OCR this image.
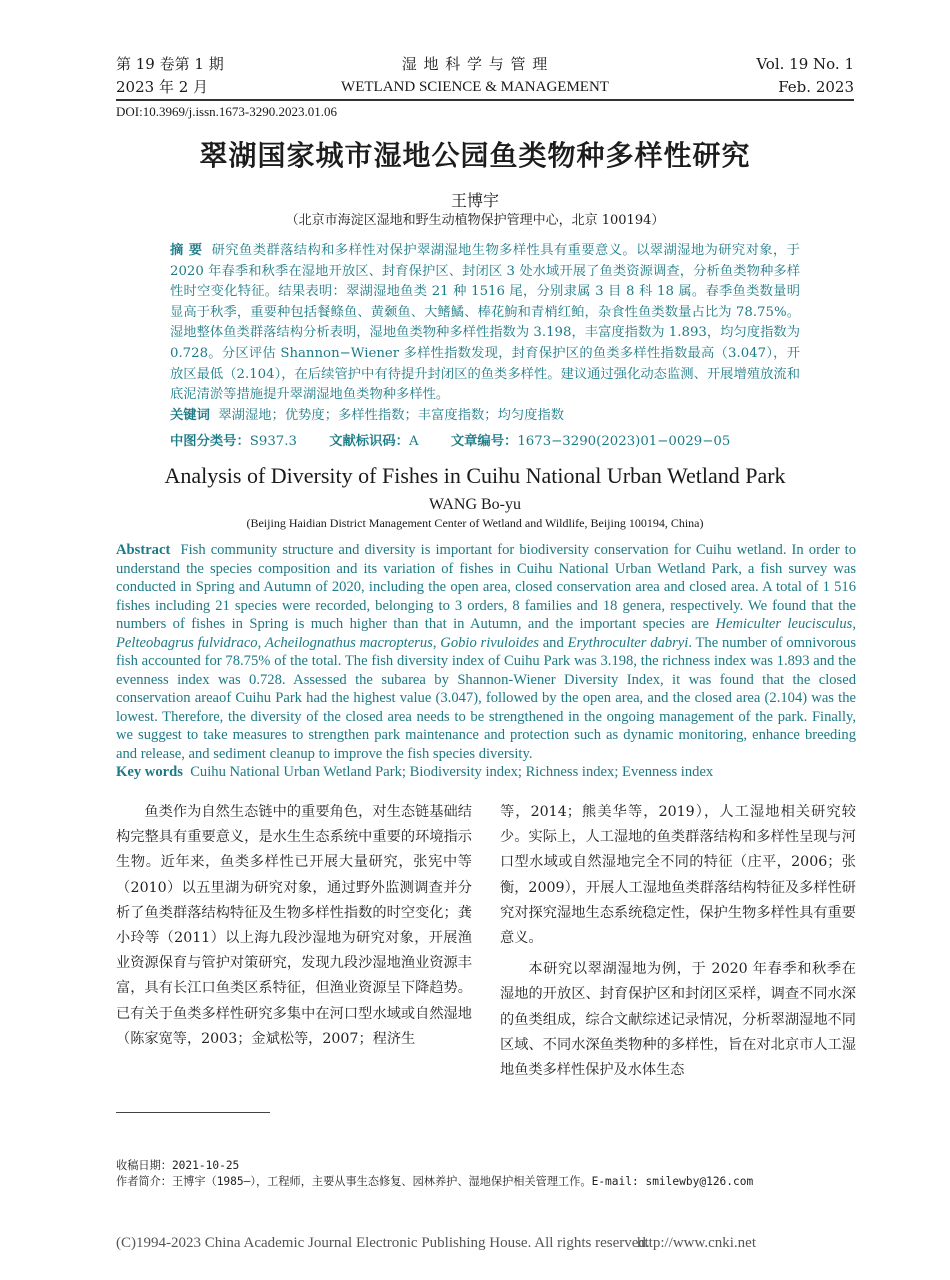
第 19 卷第 1 期
2023 年 2 月
湿 地 科 学 与 管 理
WETLAND SCIENCE & MANAGEMENT
Vol. 19 No. 1
Feb. 2023
DOI:10.3969/j.issn.1673-3290.2023.01.06
翠湖国家城市湿地公园鱼类物种多样性研究
王博宇
（北京市海淀区湿地和野生动植物保护管理中心，北京 100194）
摘 要 研究鱼类群落结构和多样性对保护翠湖湿地生物多样性具有重要意义。以翠湖湿地为研究对象，于 2020 年春季和秋季在湿地开放区、封育保护区、封闭区 3 处水域开展了鱼类资源调查，分析鱼类物种多样性时空变化特征。结果表明：翠湖湿地鱼类 21 种 1516 尾，分别隶属 3 目 8 科 18 属。春季鱼类数量明显高于秋季，重要种包括餐鲦鱼、黄颡鱼、大鳍鱊、棒花鮈和青梢红鲌，杂食性鱼类数量占比为 78.75%。湿地整体鱼类群落结构分析表明，湿地鱼类物种多样性指数为 3.198，丰富度指数为 1.893，均匀度指数为 0.728。分区评估 Shannon−Wiener 多样性指数发现，封育保护区的鱼类多样性指数最高（3.047），开放区最低（2.104），在后续管护中有待提升封闭区的鱼类多样性。建议通过强化动态监测、开展增殖放流和底泥清淤等措施提升翠湖湿地鱼类物种多样性。
关键词 翠湖湿地；优势度；多样性指数；丰富度指数；均匀度指数
中图分类号：S937.3 文献标识码：A 文章编号：1673−3290(2023)01−0029−05
Analysis of Diversity of Fishes in Cuihu National Urban Wetland Park
WANG Bo-yu
(Beijing Haidian District Management Center of Wetland and Wildlife, Beijing 100194, China)
Abstract Fish community structure and diversity is important for biodiversity conservation for Cuihu wetland. In order to understand the species composition and its variation of fishes in Cuihu National Urban Wetland Park, a fish survey was conducted in Spring and Autumn of 2020, including the open area, closed conservation area and closed area. A total of 1 516 fishes including 21 species were recorded, belonging to 3 orders, 8 families and 18 genera, respectively. We found that the numbers of fishes in Spring is much higher than that in Autumn, and the important species are Hemiculter leucisculus, Pelteobagrus fulvidraco, Acheilognathus macropterus, Gobio rivuloides and Erythroculter dabryi. The number of omnivorous fish accounted for 78.75% of the total. The fish diversity index of Cuihu Park was 3.198, the richness index was 1.893 and the evenness index was 0.728. Assessed the subarea by Shannon-Wiener Diversity Index, it was found that the closed conservation areaof Cuihu Park had the highest value (3.047), followed by the open area, and the closed area (2.104) was the lowest. Therefore, the diversity of the closed area needs to be strengthened in the ongoing management of the park. Finally, we suggest to take measures to strengthen park maintenance and protection such as dynamic monitoring, enhance breeding and release, and sediment cleanup to improve the fish species diversity.
Key words Cuihu National Urban Wetland Park; Biodiversity index; Richness index; Evenness index

鱼类作为自然生态链中的重要角色，对生态链基础结构完整具有重要意义，是水生生态系统中重要的环境指示生物。近年来，鱼类多样性已开展大量研究，张宪中等（2010）以五里湖为研究对象，通过野外监测调查并分析了鱼类群落结构特征及生物多样性指数的时空变化；龚小玲等（2011）以上海九段沙湿地为研究对象，开展渔业资源保育与管护对策研究，发现九段沙湿地渔业资源丰富，具有长江口鱼类区系特征，但渔业资源呈下降趋势。已有关于鱼类多样性研究多集中在河口型水域或自然湿地（陈家宽等，2003；金斌松等，2007；程济生

等，2014；熊美华等，2019），人工湿地相关研究较少。实际上，人工湿地的鱼类群落结构和多样性呈现与河口型水域或自然湿地完全不同的特征（庄平，2006；张衡，2009），开展人工湿地鱼类群落结构特征及多样性研究对探究湿地生态系统稳定性，保护生物多样性具有重要意义。

本研究以翠湖湿地为例，于 2020 年春季和秋季在湿地的开放区、封育保护区和封闭区采样，调查不同水深的鱼类组成，综合文献综述记录情况，分析翠湖湿地不同区域、不同水深鱼类物种的多样性，旨在对北京市人工湿地鱼类多样性保护及水体生态

收稿日期：2021-10-25
作者简介：王博宇（1985—），工程师，主要从事生态修复、园林养护、湿地保护相关管理工作。E-mail: smilewby@126.com
(C)1994-2023 China Academic Journal Electronic Publishing House. All rights reserved.
http://www.cnki.net
